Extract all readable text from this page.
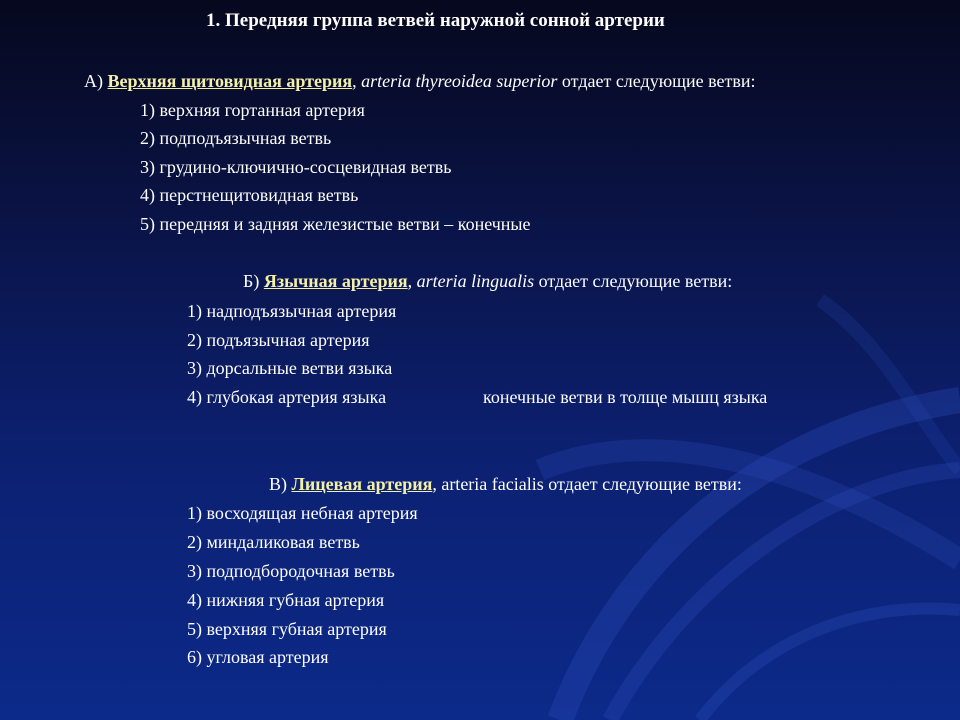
1. Передняя группа ветвей наружной сонной артерии
А) Верхняя щитовидная артерия, arteria thyreoidea superior отдает следующие ветви:
1) верхняя гортанная артерия
2) подподъязычная ветвь
3) грудино-ключично-сосцевидная ветвь
4) перстнещитовидная ветвь
5) передняя и задняя железистые ветви – конечные
Б) Язычная артерия, arteria lingualis отдает следующие ветви:
1) надподъязычная артерия
2) подъязычная артерия
3) дорсальные ветви языка
4) глубокая артерия языка	конечные ветви в толще мышц языка
В) Лицевая артерия, arteria facialis отдает следующие ветви:
1) восходящая небная артерия
2) миндаликовая ветвь
3) подподбородочная ветвь
4) нижняя губная артерия
5) верхняя губная артерия
6) угловая артерия
